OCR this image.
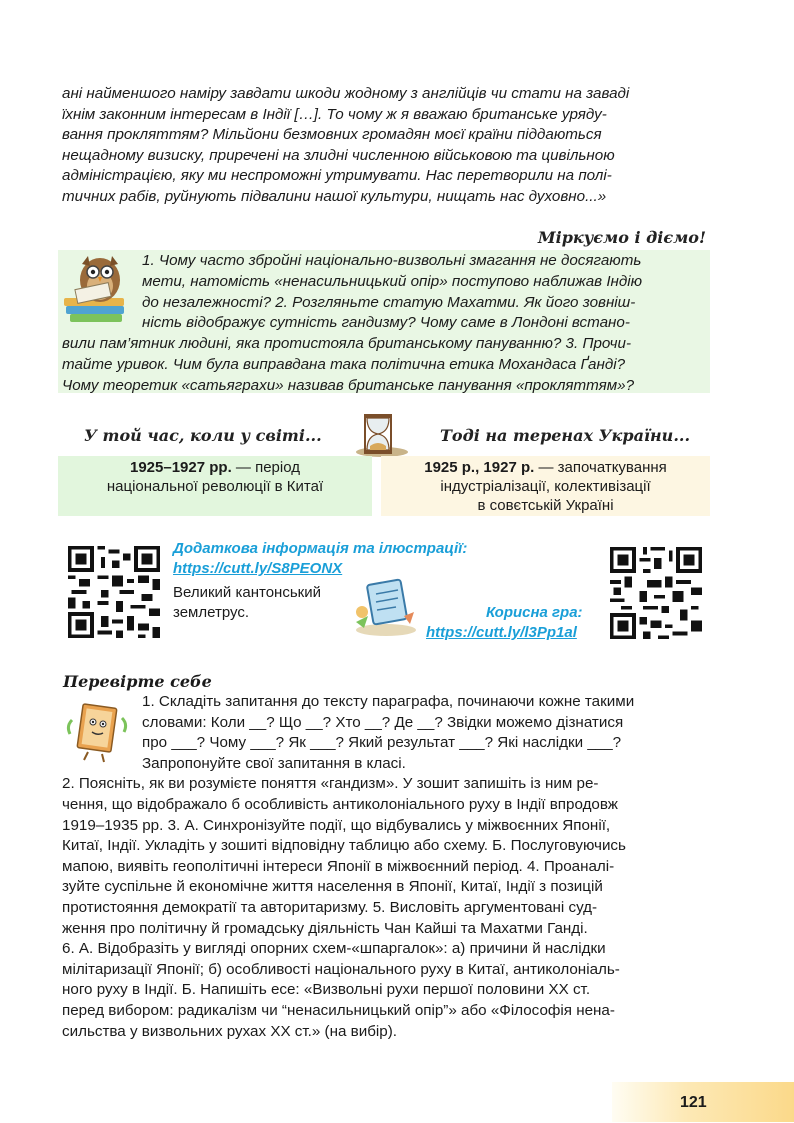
ані найменшого наміру завдати шкоди жодному з англійців чи стати на заваді
їхнім законним інтересам в Індії […]. То чому ж я вважаю британське уряду-
вання прокляттям? Мільйони безмовних громадян моєї країни піддаються
нещадному визиску, приречені на злидні численною військовою та цивільною
адміністрацією, яку ми неспроможні утримувати. Нас перетворили на полі-
тичних рабів, руйнують підвалини нашої культури, нищать нас духовно...»
Міркуємо і діємо!
1. Чому часто збройні національно-визвольні змагання не досягають
мети, натомість «ненасильницький опір» поступово наближав Індію
до незалежності? 2. Розгляньте статую Махатми. Як його зовніш-
ність відображує сутність гандизму? Чому саме в Лондоні встано-
вили пам’ятник людині, яка протистояла британському пануванню? 3. Прочи-
тайте уривок. Чим була виправдана така політична етика Мохандаса Ґанді?
Чому теоретик «сатьяграхи» називав британське панування «прокляттям»?
У той час, коли у світі...	Тоді на теренах України...
1925–1927 рр. — період
національної революції в Китаї
1925 р., 1927 р. — започаткування
індустріалізації, колективізації
в совєтській Україні
Додаткова інформація та ілюстрації:
https://cutt.ly/S8PEONX
Великий кантонський
землетрус.	Корисна гра:
https://cutt.ly/l3Pp1al
Перевірте себе
1. Складіть запитання до тексту параграфа, починаючи кожне такими
словами: Коли __? Що __? Хто __? Де __? Звідки можемо дізнатися
про ___? Чому ___? Як ___? Який результат ___? Які наслідки ___?
Запропонуйте свої запитання в класі.
2. Поясніть, як ви розумієте поняття «гандизм». У зошит запишіть із ним ре-
чення, що відображало б особливість антиколоніального руху в Індії впродовж
1919–1935 рр. 3. А. Синхронізуйте події, що відбувались у міжвоєнних Японії,
Китаї, Індії. Укладіть у зошиті відповідну таблицю або схему. Б. Послуговуючись
мапою, виявіть геополітичні інтереси Японії в міжвоєнний період. 4. Проаналі-
зуйте суспільне й економічне життя населення в Японії, Китаї, Індії з позицій
протистояння демократії та авторитаризму. 5. Висловіть аргументовані суд-
ження про політичну й громадську діяльність Чан Кайші та Махатми Ганді.
6. А. Відобразіть у вигляді опорних схем-«шпаргалок»: а) причини й наслідки
мілітаризації Японії; б) особливості національного руху в Китаї, антиколоніаль-
ного руху в Індії. Б. Напишіть есе: «Визвольні рухи першої половини ХХ ст.
перед вибором: радикалізм чи “ненасильницький опір”» або «Філософія нена-
сильства у визвольних рухах ХХ ст.» (на вибір).
121
